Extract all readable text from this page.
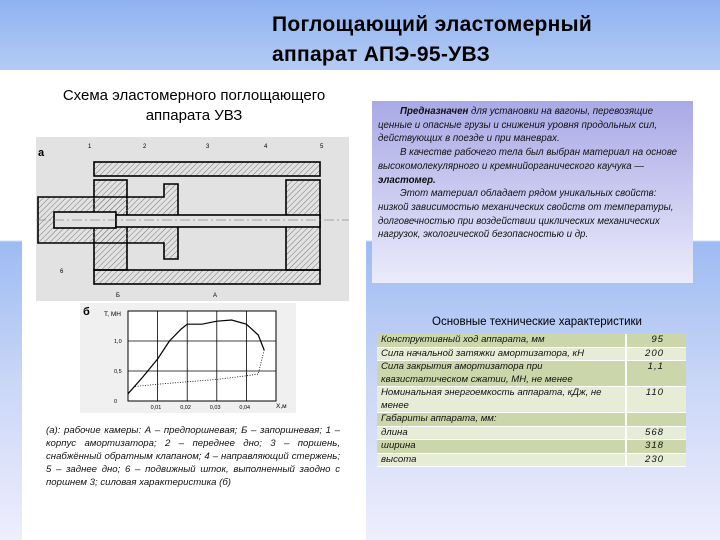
Поглощающий эластомерный
аппарат АПЭ-95-УВЗ
Схема эластомерного поглощающего
аппарата УВЗ
а	1	2	3	4	5
6
Б	А
0,01	0,02	0,03	0,04
0
0,5
1,0
б Т, МН
Х,м
(а): рабочие камеры: А – предпоршневая; Б – запоршневая; 1 – корпус амортизатора; 2 – переднее дно; 3 – поршень, снабжённый обратным клапаном; 4 – направляющий стержень; 5 – заднее дно; 6 – подвижный шток, выполненный заодно с поршнем 3; силовая характеристика (б)

Предназначен для установки на вагоны, перевозящие ценные и опасные грузы и снижения уровня продольных сил, действующих в поезде и при маневрах.

В качестве рабочего тела был выбран материал на основе высокомолекулярного и кремнийорганического каучука — эластомер.

Этот материал обладает рядом уникальных свойств: низкой зависимостью механических свойств от температуры, долговечностью при воздействии циклических механических нагрузок, экологической безопасностью и др.

Основные технические характеристики
Конструктивный ход аппарата, мм	95
Сила начальной затяжки амортизатора, кН	200
Сила закрытия амортизатора при квазистатическом сжатии, МН, не менее	1,1
Номинальная энергоемкость аппарата, кДж, не менее	110
Габариты аппарата, мм:	
длина	568
ширина	318
высота	230
